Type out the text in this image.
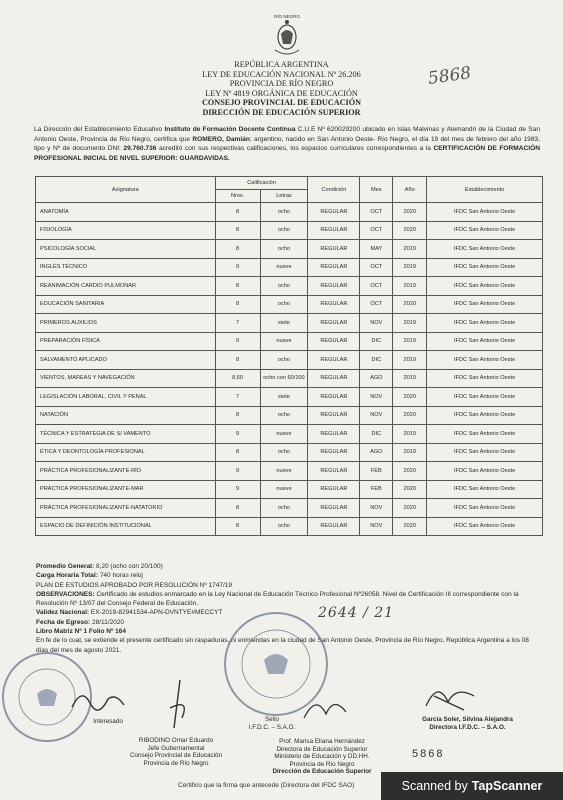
RÍO NEGRO
5868
REPÚBLICA ARGENTINA
LEY DE EDUCACIÓN NACIONAL Nº 26.206
PROVINCIA DE RÍO NEGRO
LEY Nº 4819 ORGÁNICA DE EDUCACIÓN
CONSEJO PROVINCIAL DE EDUCACIÓN
DIRECCIÓN DE EDUCACIÓN SUPERIOR
La Dirección del Establecimiento Educativo Instituto de Formación Docente Continua C.U.E Nº 620029200 ubicado en Islas Malvinas y Alemandri de la Ciudad de San Antonio Oeste, Provincia de Río Negro, certifica que ROMERO, Damián; argentino, nacido en San Antonio Oeste- Río Negro, el día 19 del mes de febrero del año 1983, tipo y Nº de documento DNI: 29.760.736 acreditó con sus respectivas calificaciones, los espacios curriculares correspondientes a la CERTIFICACIÓN DE FORMACIÓN PROFESIONAL INICIAL DE NIVEL SUPERIOR: GUARDAVIDAS.
Asignatura	Calificación		Condición	Mes	Año	Establecimiento
	Nros.	Letras				
ANATOMÍA	8	ocho	REGULAR	OCT	2020	IFDC San Antonio Oeste
FISIOLOGÍA	8	ocho	REGULAR	OCT	2020	IFDC San Antonio Oeste
PSICOLOGÍA SOCIAL	8	ocho	REGULAR	MAY	2019	IFDC San Antonio Oeste
INGLÉS TÉCNICO	9	nueve	REGULAR	OCT	2019	IFDC San Antonio Oeste
REANIMACIÓN CARDIO PULMONAR	8	ocho	REGULAR	OCT	2019	IFDC San Antonio Oeste
EDUCACIÓN SANITARIA	8	ocho	REGULAR	OCT	2020	IFDC San Antonio Oeste
PRIMEROS AUXILIOS	7	siete	REGULAR	NOV	2019	IFDC San Antonio Oeste
PREPARACIÓN FÍSICA	9	nueve	REGULAR	DIC	2019	IFDC San Antonio Oeste
SALVAMENTO APLICADO	8	ocho	REGULAR	DIC	2019	IFDC San Antonio Oeste
VIENTOS, MAREAS Y NAVEGACIÓN	8,60	ocho con 60/100	REGULAR	AGO	2019	IFDC San Antonio Oeste
LEGISLACIÓN LABORAL, CIVIL Y PENAL	7	siete	REGULAR	NOV	2020	IFDC San Antonio Oeste
NATACIÓN	8	ocho	REGULAR	NOV	2020	IFDC San Antonio Oeste
TÉCNICA Y ESTRATEGIA DE S/ VAMENTO	9	nueve	REGULAR	DIC	2019	IFDC San Antonio Oeste
ÉTICA Y DEONTOLOGÍA PROFESIONAL	8	ocho	REGULAR	AGO	2019	IFDC San Antonio Oeste
PRÁCTICA PROFESIONALIZANTE-RÍO	9	nueve	REGULAR	FEB	2020	IFDC San Antonio Oeste
PRÁCTICA PROFESIONALIZANTE-MAR	9	nueve	REGULAR	FEB	2020	IFDC San Antonio Oeste
PRÁCTICA PROFESIONALIZANTE-NATATORIO	8	ocho	REGULAR	NOV	2020	IFDC San Antonio Oeste
ESPACIO DE DEFINICIÓN INSTITUCIONAL	8	ocho	REGULAR	NOV	2020	IFDC San Antonio Oeste
Promedio General: 8,20 (ocho con 20/100)
Carga Horaria Total: 740 horas reloj
PLAN DE ESTUDIOS APROBADO POR RESOLUCIÓN Nº 1747/19
OBSERVACIONES: Certificado de estudios enmarcado en la Ley Nacional de Educación Técnico Profesional Nº26058. Nivel de Certificación III correspondiente con la Resolución Nº 13/07 del Consejo Federal de Educación.
Validez Nacional: EX-2019-82941534-APN-DVNTYE#MECCYT
Fecha de Egreso: 28/11/2020
Libro Matriz Nº 1 Folio Nº 164
En fe de lo cual, se extiende el presente certificado sin raspaduras, ni enmiendas en la ciudad de San Antonio Oeste, Provincia de Río Negro, República Argentina a los 08 días del mes de agosto 2021.
2644 / 21
Interesado	Sello
I.F.D.C. – S.A.O.
RIBODINO Omar Eduardo
Jefe Gubernamental
Consejo Provincial de Educación
Provincia de Río Negro
Prof. Marisa Eliana Hernández
Directora de Educación Superior
Ministerio de Educación y DD.HH.
Provincia de Río Negro
Dirección de Educación Superior
García Soler, Silvina Alejandra
Directora I.F.D.C. – S.A.O.
5868
Certifico que la firma que antecede (Directora del IFDC SAO)	Scanned by TapScanner
